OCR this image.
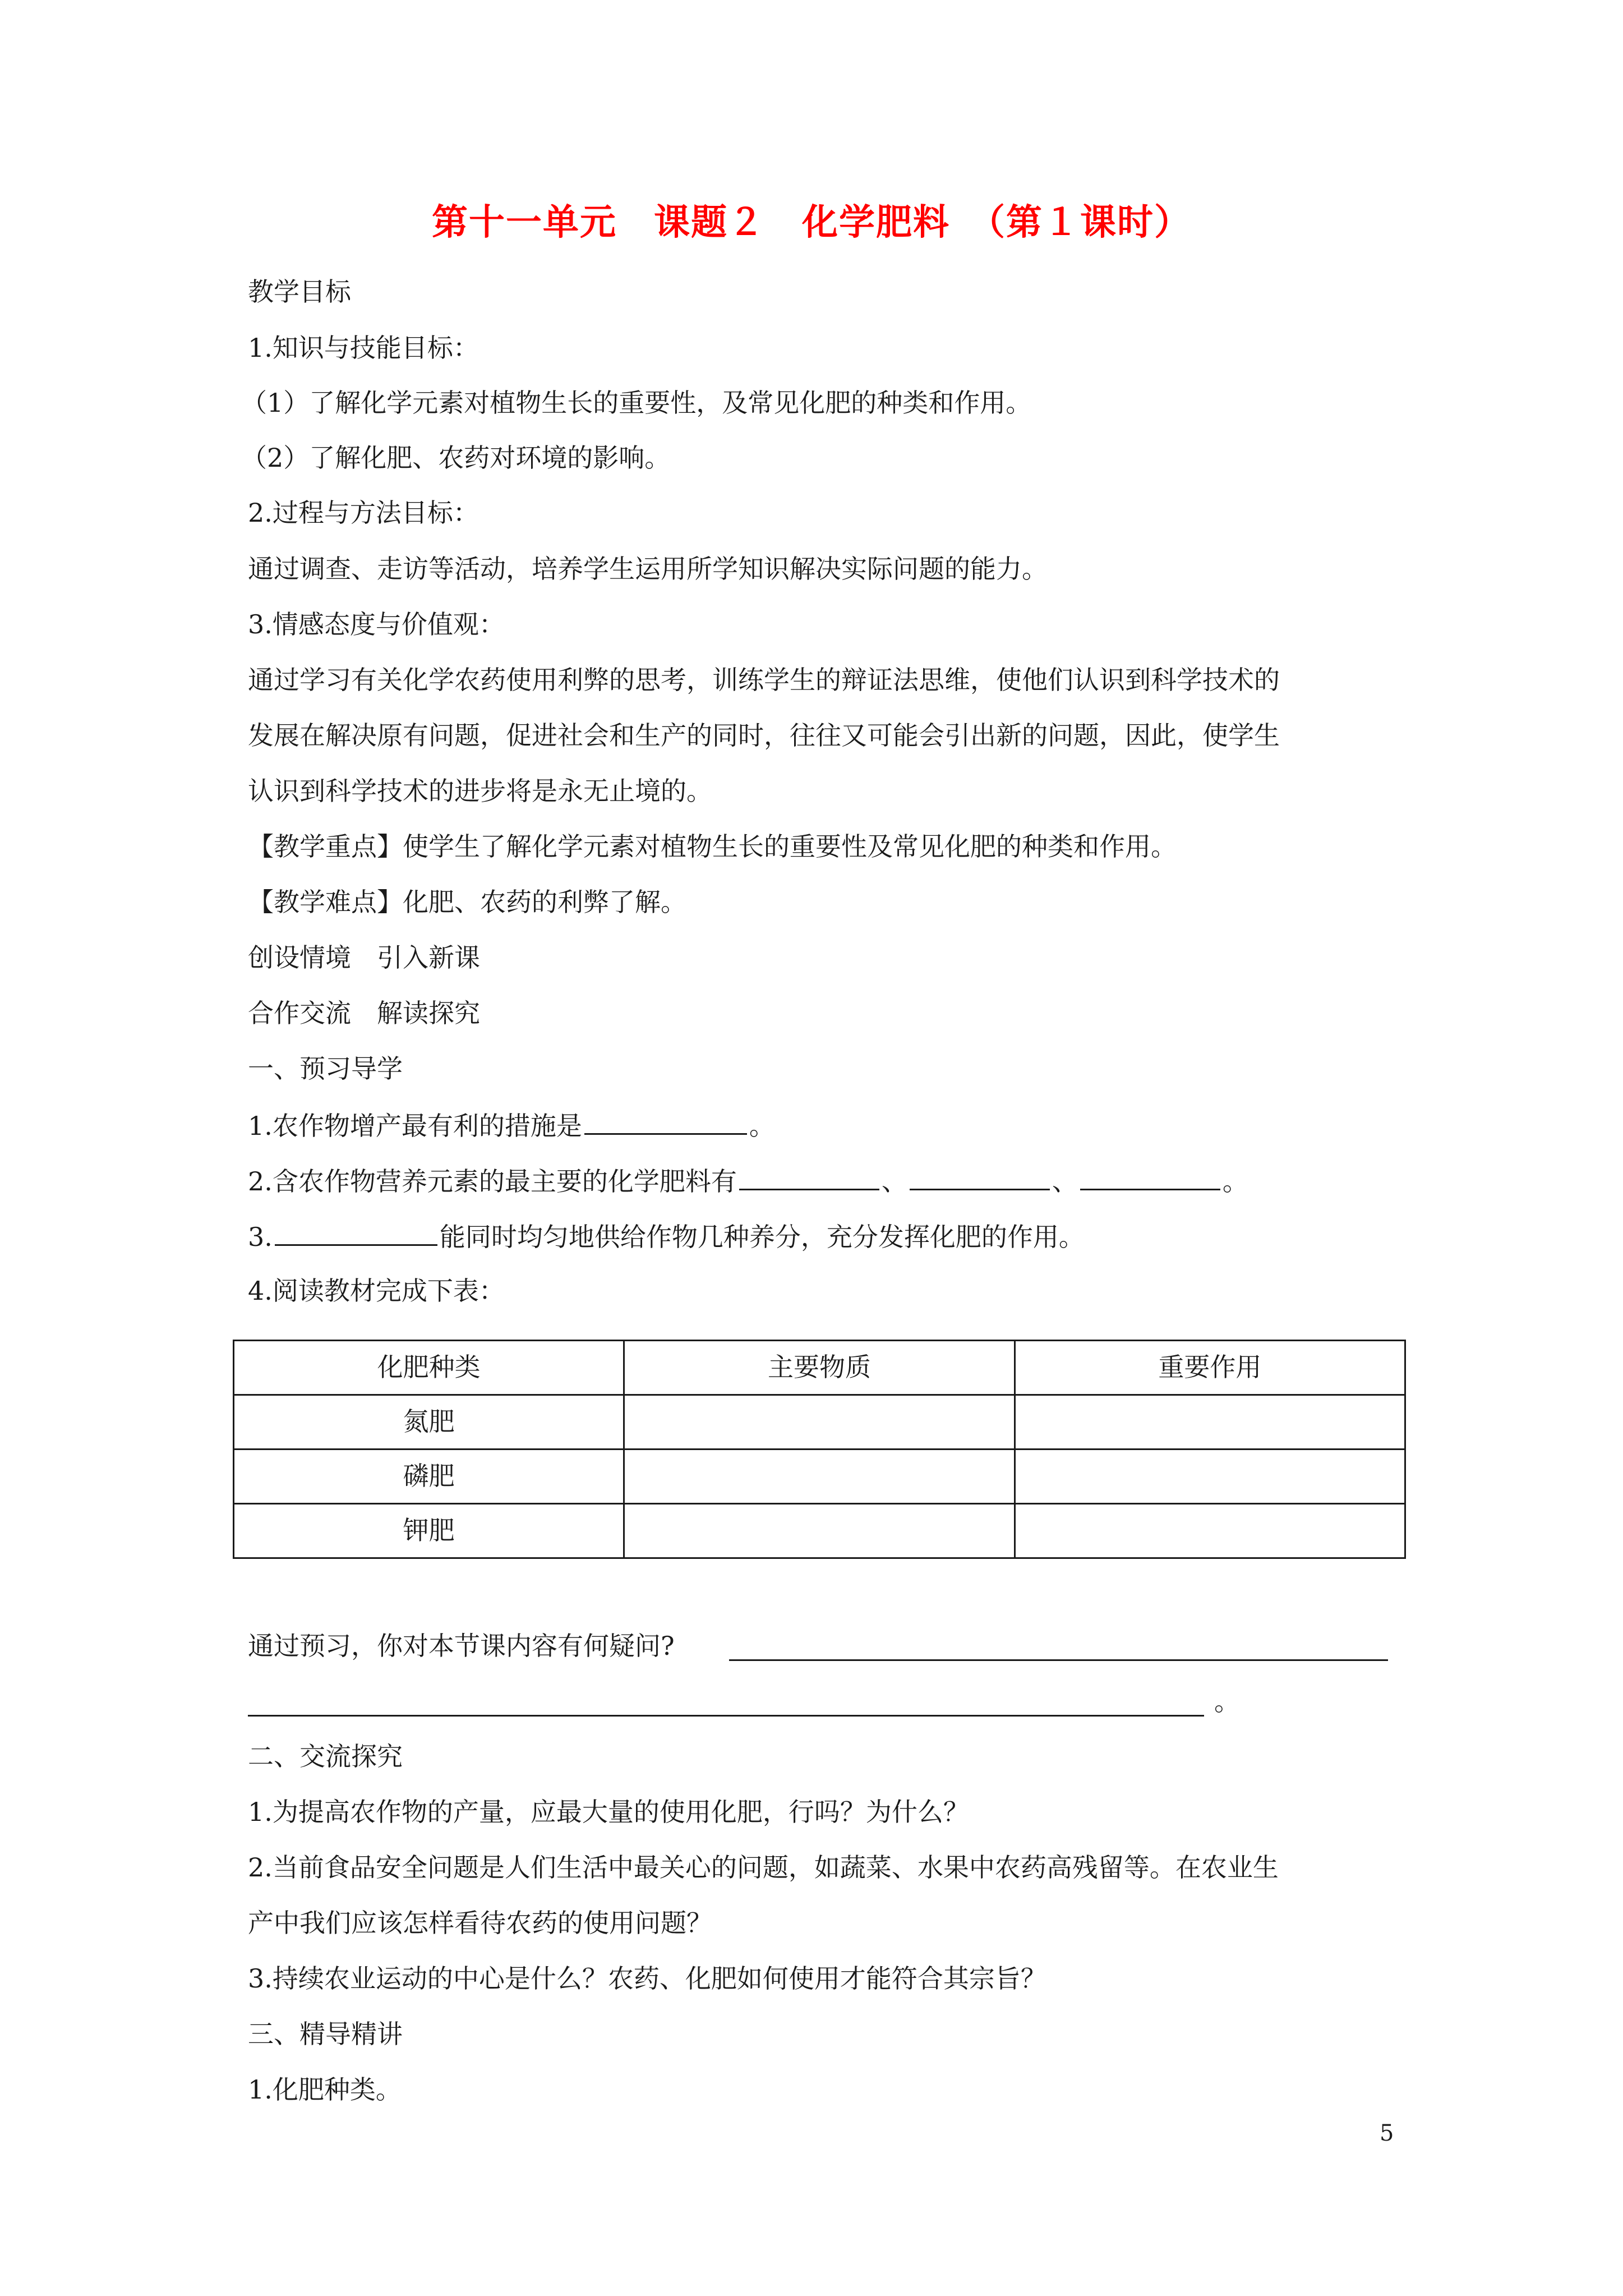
第十一单元　课题２　化学肥料　（第１课时）
教学目标
1.知识与技能目标：
（1）了解化学元素对植物生长的重要性，及常见化肥的种类和作用。
（2）了解化肥、农药对环境的影响。
2.过程与方法目标：
通过调查、走访等活动，培养学生运用所学知识解决实际问题的能力。
3.情感态度与价值观：
通过学习有关化学农药使用利弊的思考，训练学生的辩证法思维，使他们认识到科学技术的
发展在解决原有问题，促进社会和生产的同时，往往又可能会引出新的问题，因此，使学生
认识到科学技术的进步将是永无止境的。
【教学重点】使学生了解化学元素对植物生长的重要性及常见化肥的种类和作用。
【教学难点】化肥、农药的利弊了解。
创设情境　引入新课
合作交流　解读探究
一、预习导学
1.农作物增产最有利的措施是	。
2.含农作物营养元素的最主要的化学肥料有	、	、	。
3.	能同时均匀地供给作物几种养分，充分发挥化肥的作用。
4.阅读教材完成下表：
化肥种类	主要物质	重要作用
氮肥		
磷肥		
钾肥		
通过预习，你对本节课内容有何疑问?
。
二、交流探究
1.为提高农作物的产量，应最大量的使用化肥，行吗？为什么？
2.当前食品安全问题是人们生活中最关心的问题，如蔬菜、水果中农药高残留等。在农业生
产中我们应该怎样看待农药的使用问题？
3.持续农业运动的中心是什么？农药、化肥如何使用才能符合其宗旨？
三、精导精讲
1.化肥种类。
5
